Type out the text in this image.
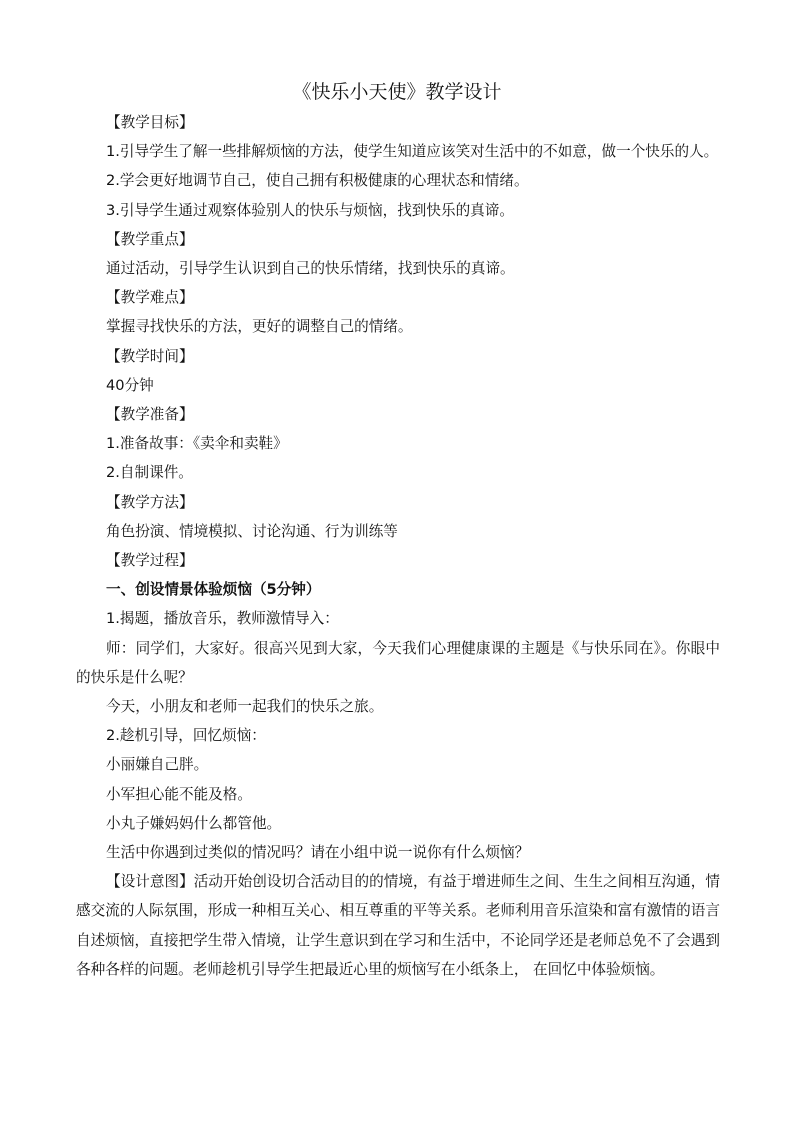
《快乐小天使》教学设计

【教学目标】

1.引导学生了解一些排解烦恼的方法，使学生知道应该笑对生活中的不如意，做一个快乐的人。

2.学会更好地调节自己，使自己拥有积极健康的心理状态和情绪。

3.引导学生通过观察体验别人的快乐与烦恼，找到快乐的真谛。

【教学重点】

通过活动，引导学生认识到自己的快乐情绪，找到快乐的真谛。

【教学难点】

掌握寻找快乐的方法，更好的调整自己的情绪。

【教学时间】

40分钟

【教学准备】

1.准备故事：《卖伞和卖鞋》

2.自制课件。

【教学方法】

角色扮演、情境模拟、讨论沟通、行为训练等

【教学过程】

一、创设情景体验烦恼（5分钟）

1.揭题，播放音乐，教师激情导入：

师：同学们，大家好。很高兴见到大家，今天我们心理健康课的主题是《与快乐同在》。你眼中的快乐是什么呢？

今天，小朋友和老师一起我们的快乐之旅。

2.趁机引导，回忆烦恼：

小丽嫌自己胖。

小军担心能不能及格。

小丸子嫌妈妈什么都管他。

生活中你遇到过类似的情况吗？请在小组中说一说你有什么烦恼？

【设计意图】活动开始创设切合活动目的的情境，有益于增进师生之间、生生之间相互沟通，情感交流的人际氛围，形成一种相互关心、相互尊重的平等关系。老师利用音乐渲染和富有激情的语言自述烦恼，直接把学生带入情境，让学生意识到在学习和生活中，不论同学还是老师总免不了会遇到各种各样的问题。老师趁机引导学生把最近心里的烦恼写在小纸条上， 在回忆中体验烦恼。
